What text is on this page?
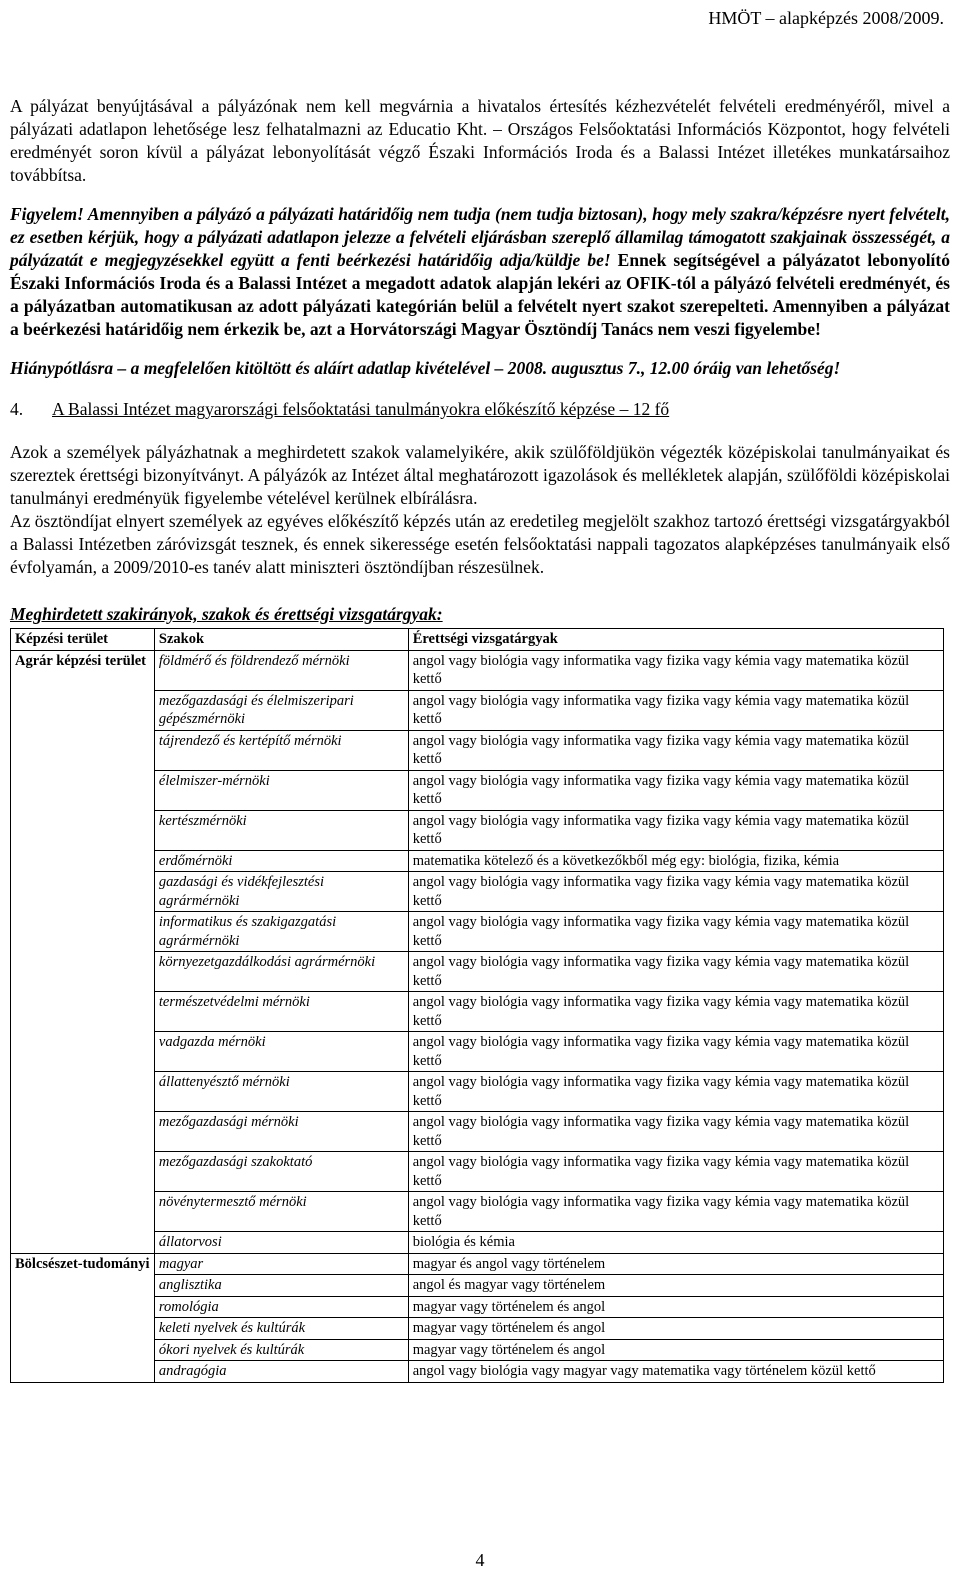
HMÖT – alapképzés 2008/2009.

A pályázat benyújtásával a pályázónak nem kell megvárnia a hivatalos értesítés kézhezvételét felvételi eredményéről, mivel a pályázati adatlapon lehetősége lesz felhatalmazni az Educatio Kht. – Országos Felsőoktatási Információs Központot, hogy felvételi eredményét soron kívül a pályázat lebonyolítását végző Északi Információs Iroda és a Balassi Intézet illetékes munkatársaihoz továbbítsa.

Figyelem! Amennyiben a pályázó a pályázati határidőig nem tudja (nem tudja biztosan), hogy mely szakra/képzésre nyert felvételt, ez esetben kérjük, hogy a pályázati adatlapon jelezze a felvételi eljárásban szereplő államilag támogatott szakjainak összességét, a pályázatát e megjegyzésekkel együtt a fenti beérkezési határidőig adja/küldje be! Ennek segítségével a pályázatot lebonyolító Északi Információs Iroda és a Balassi Intézet a megadott adatok alapján lekéri az OFIK-tól a pályázó felvételi eredményét, és a pályázatban automatikusan az adott pályázati kategórián belül a felvételt nyert szakot szerepelteti. Amennyiben a pályázat a beérkezési határidőig nem érkezik be, azt a Horvátországi Magyar Ösztöndíj Tanács nem veszi figyelembe!

Hiánypótlásra – a megfelelően kitöltött és aláírt adatlap kivételével – 2008. augusztus 7., 12.00 óráig van lehetőség!

4. A Balassi Intézet magyarországi felsőoktatási tanulmányokra előkészítő képzése – 12 fő

Azok a személyek pályázhatnak a meghirdetett szakok valamelyikére, akik szülőföldjükön végezték középiskolai tanulmányaikat és szereztek érettségi bizonyítványt. A pályázók az Intézet által meghatározott igazolások és mellékletek alapján, szülőföldi középiskolai tanulmányi eredményük figyelembe vételével kerülnek elbírálásra.

Az ösztöndíjat elnyert személyek az egyéves előkészítő képzés után az eredetileg megjelölt szakhoz tartozó érettségi vizsgatárgyakból a Balassi Intézetben záróvizsgát tesznek, és ennek sikeressége esetén felsőoktatási nappali tagozatos alapképzéses tanulmányaik első évfolyamán, a 2009/2010-es tanév alatt miniszteri ösztöndíjban részesülnek.

Meghirdetett szakirányok, szakok és érettségi vizsgatárgyak:
Képzési terület	Szakok	Érettségi vizsgatárgyak
Agrár képzési terület	földmérő és földrendező mérnöki	angol vagy biológia vagy informatika vagy fizika vagy kémia vagy matematika közül kettő
	mezőgazdasági és élelmiszeripari gépészmérnöki	angol vagy biológia vagy informatika vagy fizika vagy kémia vagy matematika közül kettő
	tájrendező és kertépítő mérnöki	angol vagy biológia vagy informatika vagy fizika vagy kémia vagy matematika közül kettő
	élelmiszer-mérnöki	angol vagy biológia vagy informatika vagy fizika vagy kémia vagy matematika közül kettő
	kertészmérnöki	angol vagy biológia vagy informatika vagy fizika vagy kémia vagy matematika közül kettő
	erdőmérnöki	matematika kötelező és a következőkből még egy: biológia, fizika, kémia
	gazdasági és vidékfejlesztési agrármérnöki	angol vagy biológia vagy informatika vagy fizika vagy kémia vagy matematika közül kettő
	informatikus és szakigazgatási agrármérnöki	angol vagy biológia vagy informatika vagy fizika vagy kémia vagy matematika közül kettő
	környezetgazdálkodási agrármérnöki	angol vagy biológia vagy informatika vagy fizika vagy kémia vagy matematika közül kettő
	természetvédelmi mérnöki	angol vagy biológia vagy informatika vagy fizika vagy kémia vagy matematika közül kettő
	vadgazda mérnöki	angol vagy biológia vagy informatika vagy fizika vagy kémia vagy matematika közül kettő
	állattenyésztő mérnöki	angol vagy biológia vagy informatika vagy fizika vagy kémia vagy matematika közül kettő
	mezőgazdasági mérnöki	angol vagy biológia vagy informatika vagy fizika vagy kémia vagy matematika közül kettő
	mezőgazdasági szakoktató	angol vagy biológia vagy informatika vagy fizika vagy kémia vagy matematika közül kettő
	növénytermesztő mérnöki	angol vagy biológia vagy informatika vagy fizika vagy kémia vagy matematika közül kettő
	állatorvosi	biológia és kémia
Bölcsészet-tudományi	magyar	magyar és angol vagy történelem
	anglisztika	angol és magyar vagy történelem
	romológia	magyar vagy történelem és angol
	keleti nyelvek és kultúrák	magyar vagy történelem és angol
	ókori nyelvek és kultúrák	magyar vagy történelem és angol
	andragógia	angol vagy biológia vagy magyar vagy matematika vagy történelem közül kettő
4
